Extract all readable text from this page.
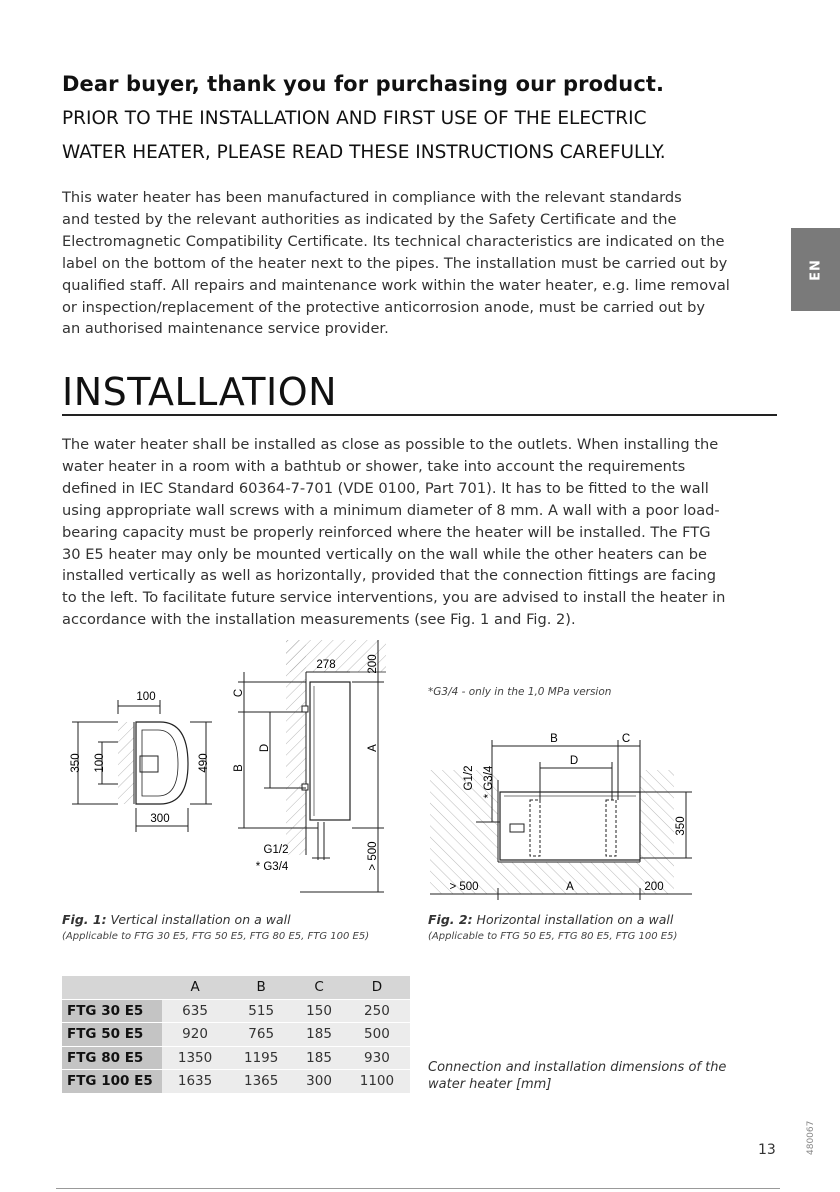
Dear buyer, thank you for purchasing our product.
PRIOR TO THE INSTALLATION AND FIRST USE OF THE ELECTRIC
WATER HEATER, PLEASE READ THESE INSTRUCTIONS CAREFULLY.
This water heater has been manufactured in compliance with the relevant standards
and tested by the relevant authorities as indicated by the Safety Certificate and the
Electromagnetic Compatibility Certificate. Its technical characteristics are indicated on the
label on the bottom of the heater next to the pipes. The installation must be carried out by
qualified staff. All repairs and maintenance work within the water heater, e.g. lime removal
or inspection/replacement of the protective anticorrosion anode, must be carried out by
an authorised maintenance service provider.
EN
INSTALLATION
The water heater shall be installed as close as possible to the outlets. When installing the
water heater in a room with a bathtub or shower, take into account the requirements
defined in IEC Standard 60364-7-701 (VDE 0100, Part 701). It has to be fitted to the wall
using appropriate wall screws with a minimum diameter of 8 mm. A wall with a poor load-
bearing capacity must be properly reinforced where the heater will be installed. The FTG
30 E5 heater may only be mounted vertically on the wall while the other heaters can be
installed vertically as well as horizontally, provided that the connection fittings are facing
to the left. To facilitate future service interventions, you are advised to install the heater in
accordance with the installation measurements (see Fig. 1 and Fig. 2).
100
350 100	490
300
278	200
C
D
B
A
G1/2
* G3/4	> 500
B	C
D
G1/2 * G3/4
350
> 500	A	200
*G3/4 - only in the 1,0 MPa version
Fig. 1: Vertical installation on a wall
(Applicable to FTG 30 E5, FTG 50 E5, FTG 80 E5, FTG 100 E5)
Fig. 2: Horizontal installation on a wall
(Applicable to FTG 50 E5, FTG 80 E5, FTG 100 E5)
	A	B	C	D
FTG 30 E5	635	515	150	250
FTG 50 E5	920	765	185	500
FTG 80 E5	1350	1195	185	930
FTG 100 E5	1635	1365	300	1100
Connection and installation dimensions of the
water heater [mm]
13	480067
